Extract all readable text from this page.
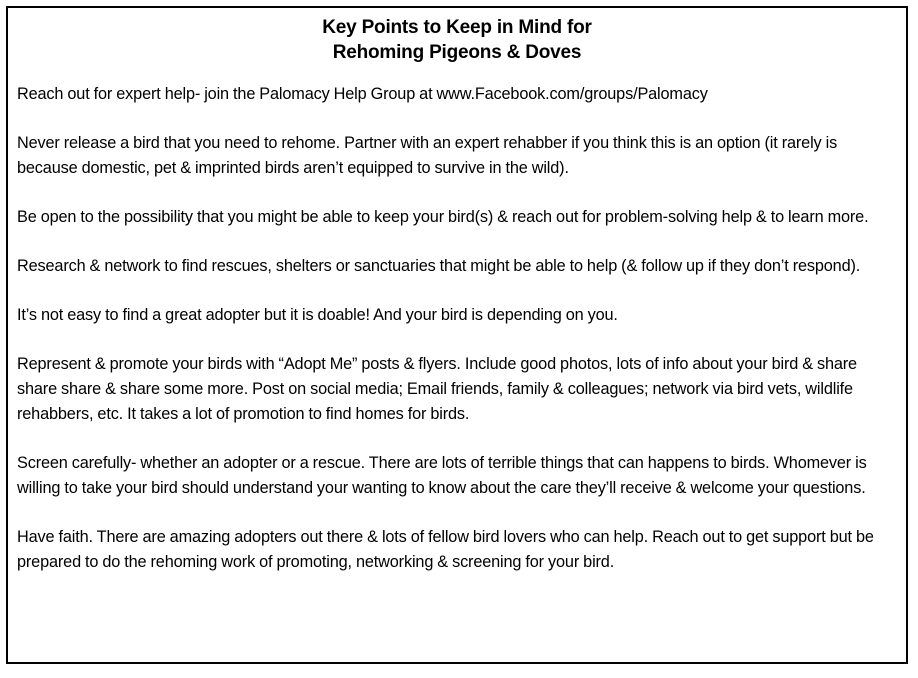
Key Points to Keep in Mind for
Rehoming Pigeons & Doves

Reach out for expert help- join the Palomacy Help Group at www.Facebook.com/groups/Palomacy

Never release a bird that you need to rehome. Partner with an expert rehabber if you think this is an option (it rarely is because domestic, pet & imprinted birds aren’t equipped to survive in the wild).

Be open to the possibility that you might be able to keep your bird(s) & reach out for problem-solving help & to learn more.

Research & network to find rescues, shelters or sanctuaries that might be able to help (& follow up if they don’t respond).

It’s not easy to find a great adopter but it is doable! And your bird is depending on you.

Represent & promote your birds with “Adopt Me” posts & flyers. Include good photos, lots of info about your bird & share share share & share some more. Post on social media; Email friends, family & colleagues; network via bird vets, wildlife rehabbers, etc. It takes a lot of promotion to find homes for birds.

Screen carefully- whether an adopter or a rescue. There are lots of terrible things that can happens to birds. Whomever is willing to take your bird should understand your wanting to know about the care they’ll receive & welcome your questions.

Have faith. There are amazing adopters out there & lots of fellow bird lovers who can help. Reach out to get support but be prepared to do the rehoming work of promoting, networking & screening for your bird.
